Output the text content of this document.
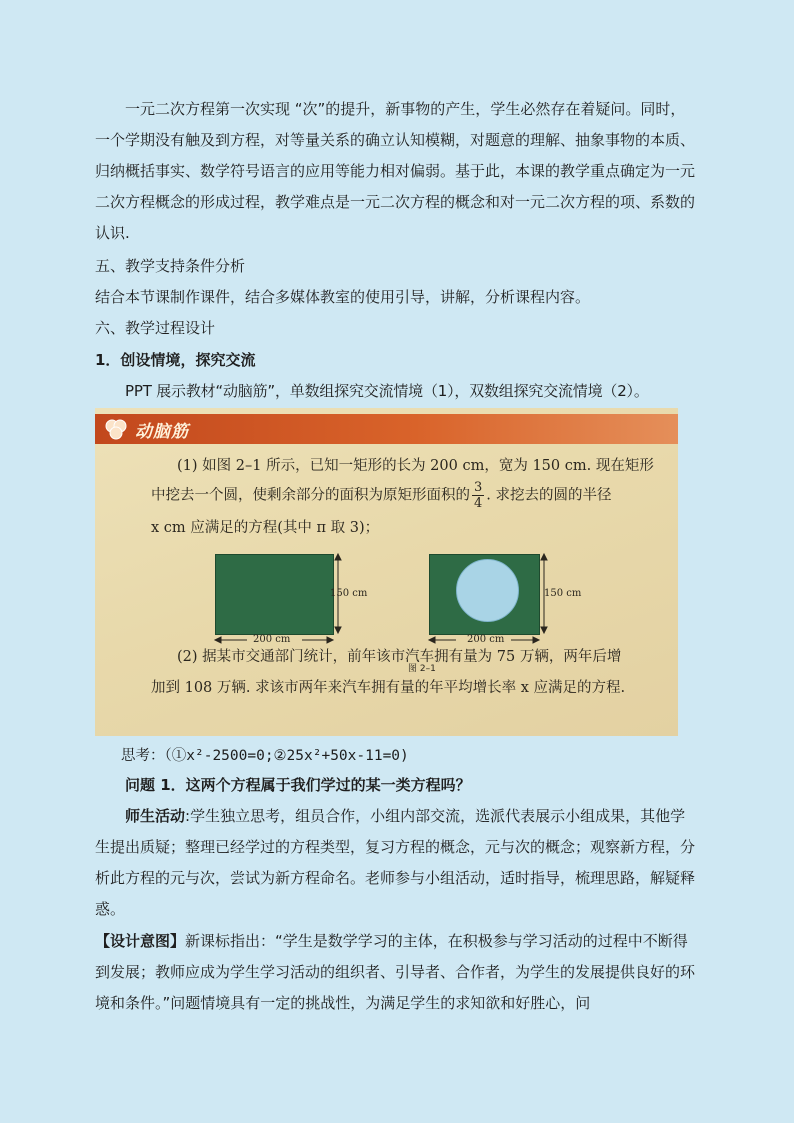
一元二次方程第一次实现 “次”的提升，新事物的产生，学生必然存在着疑问。同时，一个学期没有触及到方程，对等量关系的确立认知模糊，对题意的理解、抽象事物的本质、归纳概括事实、数学符号语言的应用等能力相对偏弱。基于此，本课的教学重点确定为一元二次方程概念的形成过程，教学难点是一元二次方程的概念和对一元二次方程的项、系数的认识.

五、教学支持条件分析

结合本节课制作课件，结合多媒体教室的使用引导，讲解，分析课程内容。

六、教学过程设计

1．创设情境，探究交流

PPT 展示教材“动脑筋”，单数组探究交流情境（1），双数组探究交流情境（2）。

动脑筋

(1) 如图 2–1 所示，已知一矩形的长为 200 cm，宽为 150 cm. 现在矩形

中挖去一个圆，使剩余部分的面积为原矩形面积的 $\frac{3}{4}$ . 求挖去的圆的半径

x cm 应满足的方程(其中 π 取 3)；

150 cm	150 cm
200 cm	200 cm
图 2–1

(2) 据某市交通部门统计，前年该市汽车拥有量为 75 万辆，两年后增

加到 108 万辆. 求该市两年来汽车拥有量的年平均增长率 x 应满足的方程.

思考：（①x²-2500=0;②25x²+50x-11=0)

问题 1．这两个方程属于我们学过的某一类方程吗？

师生活动:学生独立思考，组员合作，小组内部交流，选派代表展示小组成果，其他学生提出质疑；整理已经学过的方程类型，复习方程的概念，元与次的概念；观察新方程，分析此方程的元与次，尝试为新方程命名。老师参与小组活动，适时指导，梳理思路，解疑释惑。

【设计意图】新课标指出：“学生是数学学习的主体，在积极参与学习活动的过程中不断得到发展；教师应成为学生学习活动的组织者、引导者、合作者，为学生的发展提供良好的环境和条件。”问题情境具有一定的挑战性，为满足学生的求知欲和好胜心，问
